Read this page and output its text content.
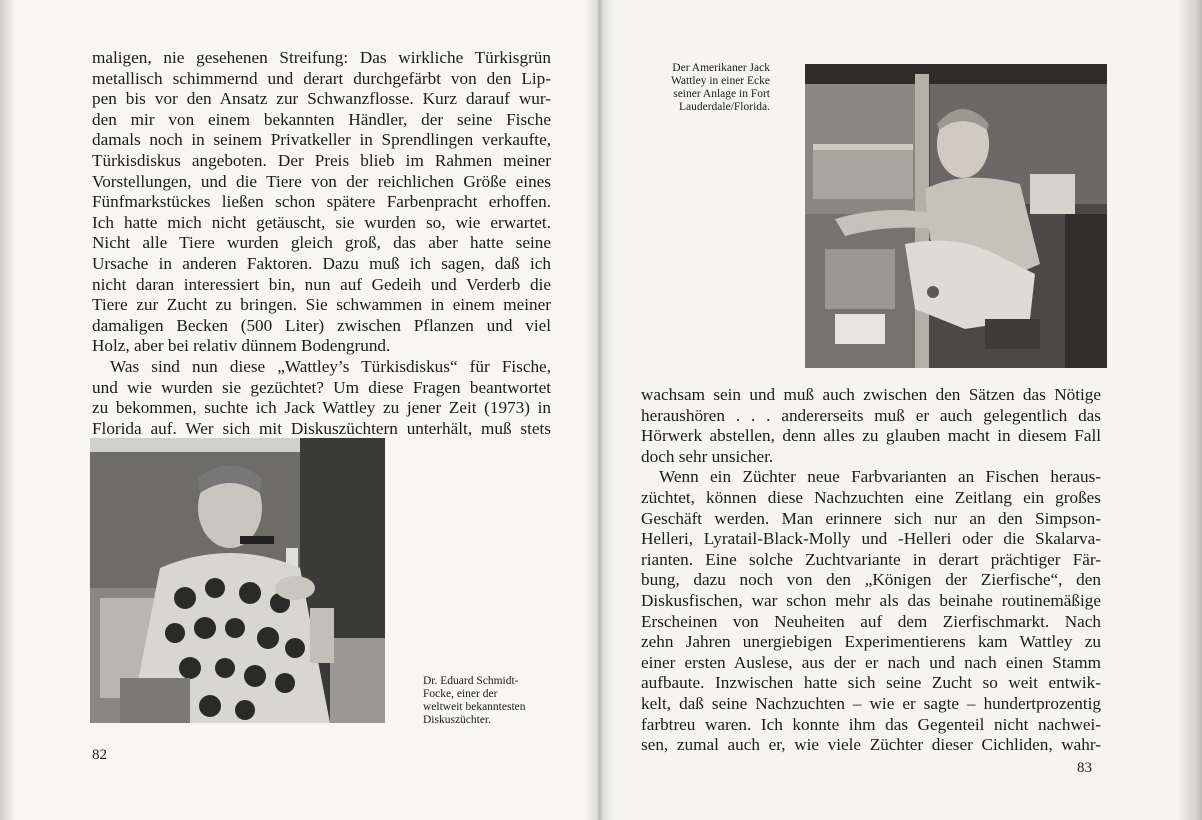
maligen, nie gesehenen Streifung: Das wirkliche Türkisgrün
metallisch schimmernd und derart durchgefärbt von den Lip-
pen bis vor den Ansatz zur Schwanzflosse. Kurz darauf wur-
den mir von einem bekannten Händler, der seine Fische
damals noch in seinem Privatkeller in Sprendlingen verkaufte,
Türkisdiskus angeboten. Der Preis blieb im Rahmen meiner
Vorstellungen, und die Tiere von der reichlichen Größe eines
Fünfmarkstückes ließen schon spätere Farbenpracht erhoffen.
Ich hatte mich nicht getäuscht, sie wurden so, wie erwartet.
Nicht alle Tiere wurden gleich groß, das aber hatte seine
Ursache in anderen Faktoren. Dazu muß ich sagen, daß ich
nicht daran interessiert bin, nun auf Gedeih und Verderb die
Tiere zur Zucht zu bringen. Sie schwammen in einem meiner
damaligen Becken (500 Liter) zwischen Pflanzen und viel
Holz, aber bei relativ dünnem Bodengrund.
Was sind nun diese „Wattley’s Türkisdiskus“ für Fische,
und wie wurden sie gezüchtet? Um diese Fragen beantwortet
zu bekommen, suchte ich Jack Wattley zu jener Zeit (1973) in
Florida auf. Wer sich mit Diskuszüchtern unterhält, muß stets
Dr. Eduard Schmidt-
Focke, einer der
weltweit bekanntesten
Diskuszüchter.
82
Der Amerikaner Jack
Wattley in einer Ecke
seiner Anlage in Fort
Lauderdale/Florida.
wachsam sein und muß auch zwischen den Sätzen das Nötige
heraushören . . . andererseits muß er auch gelegentlich das
Hörwerk abstellen, denn alles zu glauben macht in diesem Fall
doch sehr unsicher.
Wenn ein Züchter neue Farbvarianten an Fischen heraus-
züchtet, können diese Nachzuchten eine Zeitlang ein großes
Geschäft werden. Man erinnere sich nur an den Simpson-
Helleri, Lyratail-Black-Molly und -Helleri oder die Skalarva-
rianten. Eine solche Zuchtvariante in derart prächtiger Fär-
bung, dazu noch von den „Königen der Zierfische“, den
Diskusfischen, war schon mehr als das beinahe routinemäßige
Erscheinen von Neuheiten auf dem Zierfischmarkt. Nach
zehn Jahren unergiebigen Experimentierens kam Wattley zu
einer ersten Auslese, aus der er nach und nach einen Stamm
aufbaute. Inzwischen hatte sich seine Zucht so weit entwik-
kelt, daß seine Nachzuchten – wie er sagte – hundertprozentig
farbtreu waren. Ich konnte ihm das Gegenteil nicht nachwei-
sen, zumal auch er, wie viele Züchter dieser Cichliden, wahr-
83
